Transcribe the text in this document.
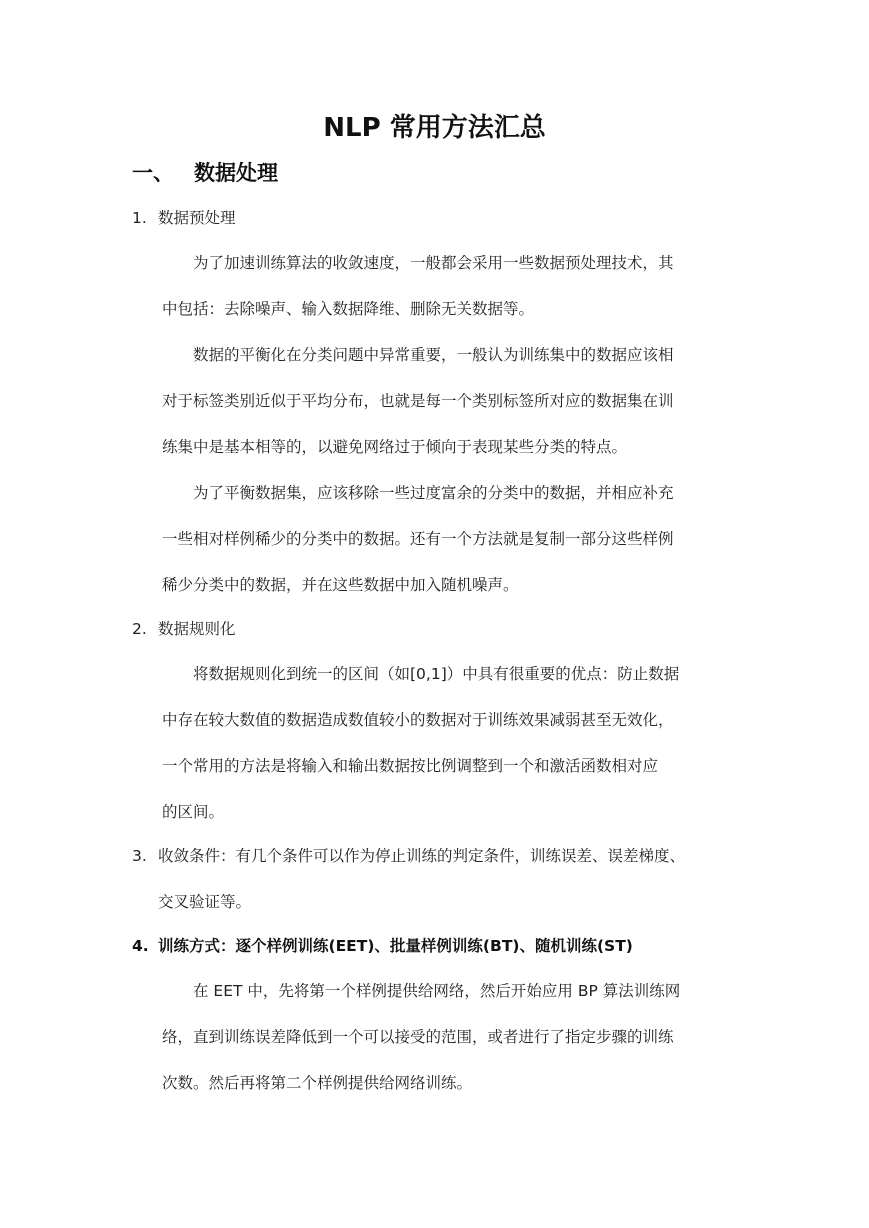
NLP 常用方法汇总
一、 数据处理
1. 数据预处理
为了加速训练算法的收敛速度，一般都会采用一些数据预处理技术，其
中包括：去除噪声、输入数据降维、删除无关数据等。
数据的平衡化在分类问题中异常重要，一般认为训练集中的数据应该相
对于标签类别近似于平均分布，也就是每一个类别标签所对应的数据集在训
练集中是基本相等的，以避免网络过于倾向于表现某些分类的特点。
为了平衡数据集，应该移除一些过度富余的分类中的数据，并相应补充
一些相对样例稀少的分类中的数据。还有一个方法就是复制一部分这些样例
稀少分类中的数据，并在这些数据中加入随机噪声。
2. 数据规则化
将数据规则化到统一的区间（如[0,1]）中具有很重要的优点：防止数据
中存在较大数值的数据造成数值较小的数据对于训练效果减弱甚至无效化，
一个常用的方法是将输入和输出数据按比例调整到一个和激活函数相对应
的区间。
3. 收敛条件：有几个条件可以作为停止训练的判定条件，训练误差、误差梯度、
交叉验证等。
4. 训练方式：逐个样例训练(EET)、批量样例训练(BT)、随机训练(ST)
在 EET 中，先将第一个样例提供给网络，然后开始应用 BP 算法训练网
络，直到训练误差降低到一个可以接受的范围，或者进行了指定步骤的训练
次数。然后再将第二个样例提供给网络训练。
